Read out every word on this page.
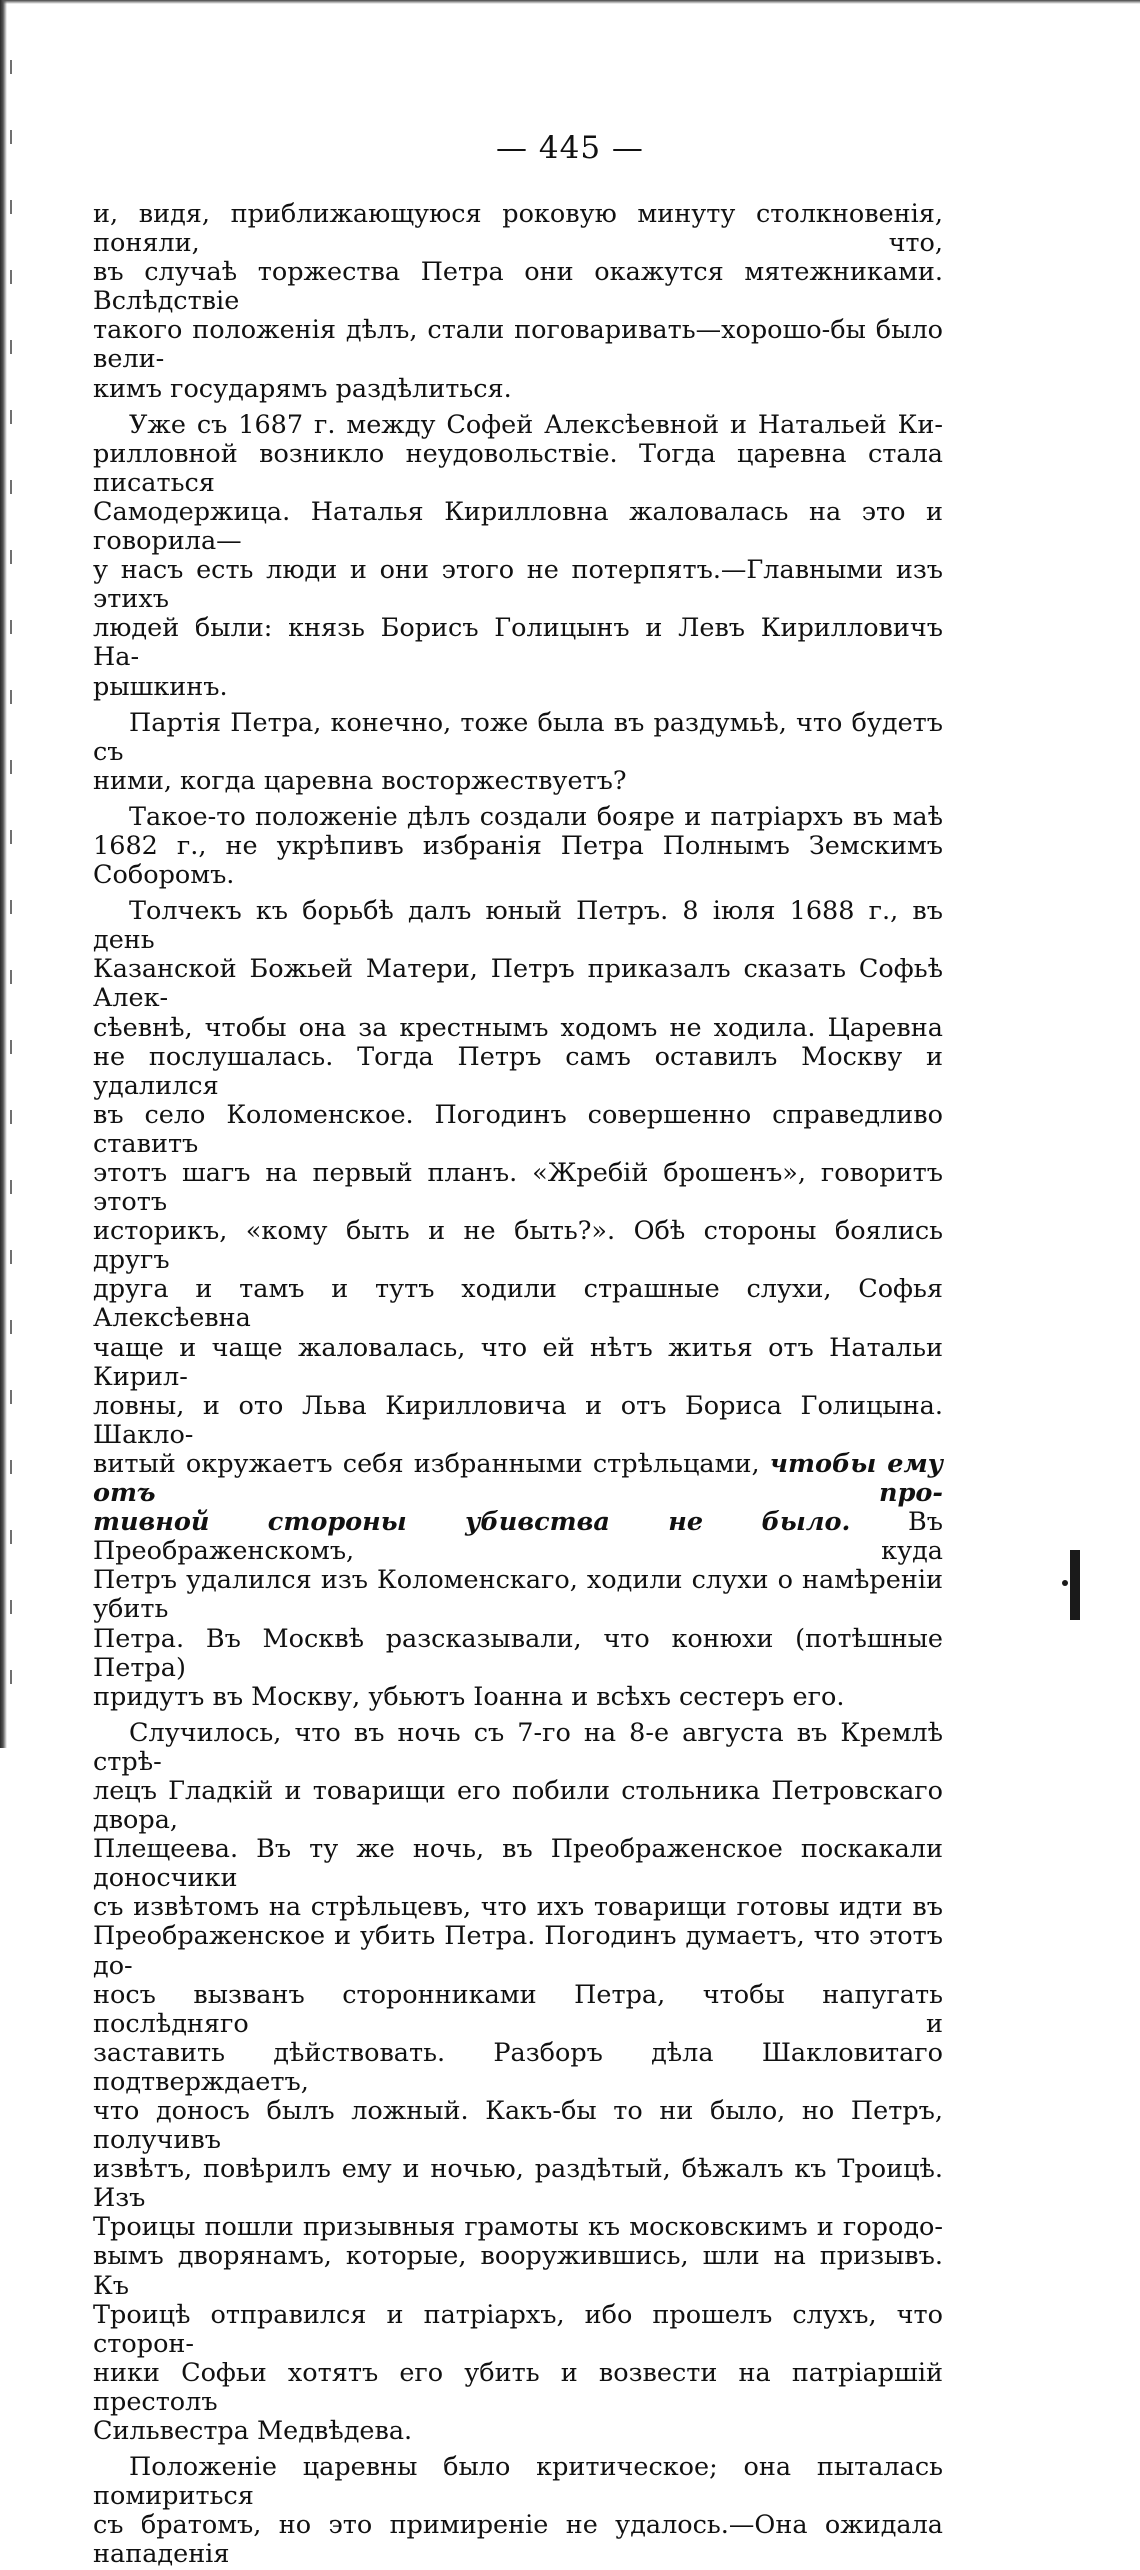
— 445 —

и, видя, приближающуюся роковую минуту столкновенія, поняли, что,

въ случаѣ торжества Петра они окажутся мятежниками. Вслѣдствіе

такого положенія дѣлъ, стали поговаривать—хорошо-бы было вели-

кимъ государямъ раздѣлиться.

Уже съ 1687 г. между Софей Алексѣевной и Натальей Ки-

рилловной возникло неудовольствіе. Тогда царевна стала писаться

Самодержица. Наталья Кирилловна жаловалась на это и говорила—

у насъ есть люди и они этого не потерпятъ.—Главными изъ этихъ

людей были: князь Борисъ Голицынъ и Левъ Кирилловичъ На-

рышкинъ.

Партія Петра, конечно, тоже была въ раздумьѣ, что будетъ съ

ними, когда царевна восторжествуетъ?

Такое-то положеніе дѣлъ создали бояре и патріархъ въ маѣ

1682 г., не укрѣпивъ избранія Петра Полнымъ Земскимъ Соборомъ.

Толчекъ къ борьбѣ далъ юный Петръ. 8 іюля 1688 г., въ день

Казанской Божьей Матери, Петръ приказалъ сказать Софьѣ Алек-

сѣевнѣ, чтобы она за крестнымъ ходомъ не ходила. Царевна

не послушалась. Тогда Петръ самъ оставилъ Москву и удалился

въ село Коломенское. Погодинъ совершенно справедливо ставитъ

этотъ шагъ на первый планъ. «Жребій брошенъ», говоритъ этотъ

историкъ, «кому быть и не быть?». Обѣ стороны боялись другъ

друга и тамъ и тутъ ходили страшные слухи, Софья Алексѣевна

чаще и чаще жаловалась, что ей нѣтъ житья отъ Натальи Кирил-

ловны, и ото Льва Кирилловича и отъ Бориса Голицына. Шакло-

витый окружаетъ себя избранными стрѣльцами, чтобы ему отъ про-

тивной стороны убивства не было. Въ Преображенскомъ, куда

Петръ удалился изъ Коломенскаго, ходили слухи о намѣреніи убить

Петра. Въ Москвѣ разсказывали, что конюхи (потѣшные Петра)

придутъ въ Москву, убьютъ Іоанна и всѣхъ сестеръ его.

Случилось, что въ ночь съ 7-го на 8-е августа въ Кремлѣ стрѣ-

лецъ Гладкій и товарищи его побили стольника Петровскаго двора,

Плещеева. Въ ту же ночь, въ Преображенское поскакали доносчики

съ извѣтомъ на стрѣльцевъ, что ихъ товарищи готовы идти въ

Преображенское и убить Петра. Погодинъ думаетъ, что этотъ до-

носъ вызванъ сторонниками Петра, чтобы напугать послѣдняго и

заставить дѣйствовать. Разборъ дѣла Шакловитаго подтверждаетъ,

что доносъ былъ ложный. Какъ-бы то ни было, но Петръ, получивъ

извѣтъ, повѣрилъ ему и ночью, раздѣтый, бѣжалъ къ Троицѣ. Изъ

Троицы пошли призывныя грамоты къ московскимъ и городо-

вымъ дворянамъ, которые, вооружившись, шли на призывъ. Къ

Троицѣ отправился и патріархъ, ибо прошелъ слухъ, что сторон-

ники Софьи хотятъ его убить и возвести на патріаршій престолъ

Сильвестра Медвѣдева.

Положеніе царевны было критическое; она пыталась помириться

съ братомъ, но это примиреніе не удалось.—Она ожидала нападенія
